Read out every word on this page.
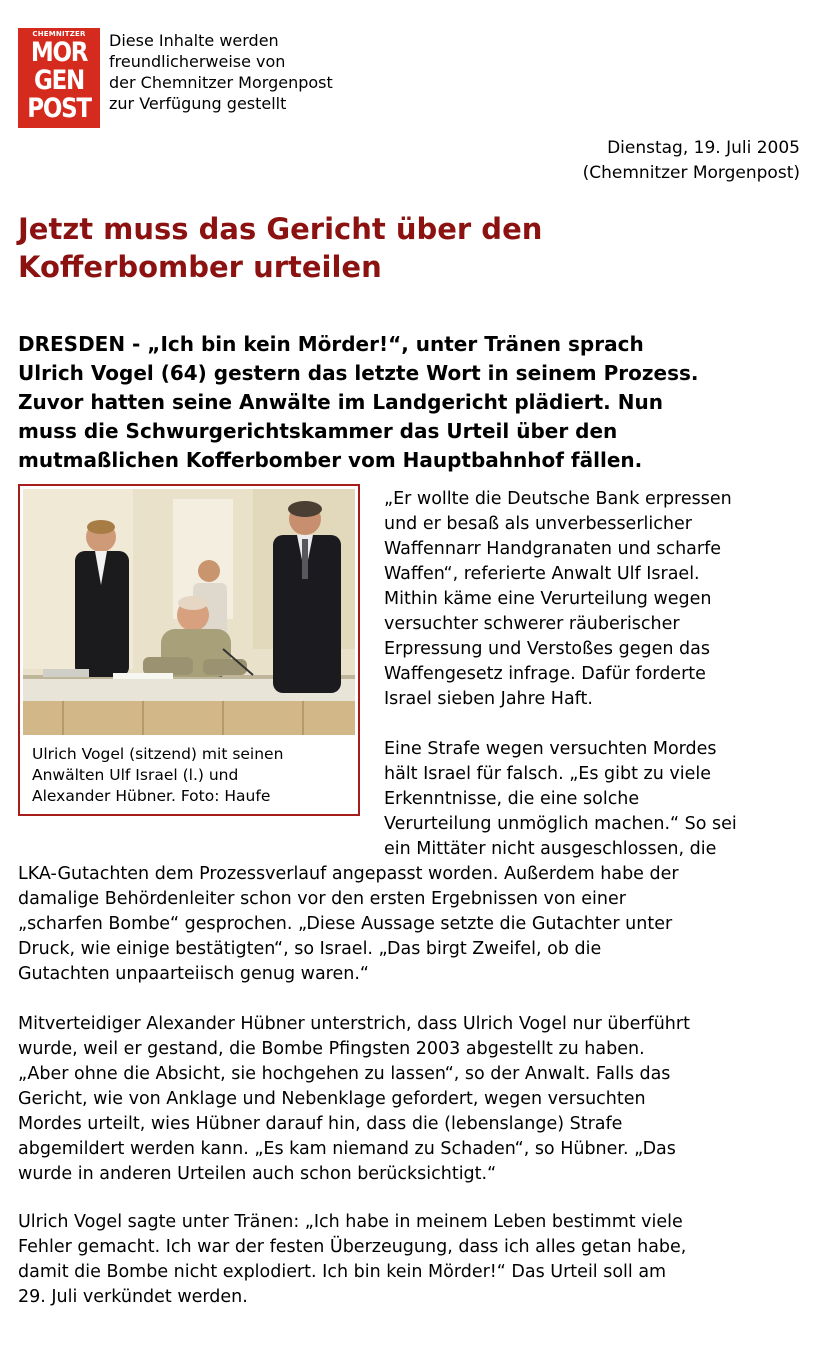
CHEMNITZER
MOR
GEN
POST
Diese Inhalte werden
freundlicherweise von
der Chemnitzer Morgenpost
zur Verfügung gestellt
Dienstag, 19. Juli 2005
(Chemnitzer Morgenpost)
Jetzt muss das Gericht über den
Kofferbomber urteilen
DRESDEN - „Ich bin kein Mörder!“, unter Tränen sprach
Ulrich Vogel (64) gestern das letzte Wort in seinem Prozess.
Zuvor hatten seine Anwälte im Landgericht plädiert. Nun
muss die Schwurgerichtskammer das Urteil über den
mutmaßlichen Kofferbomber vom Hauptbahnhof fällen.
Ulrich Vogel (sitzend) mit seinen
Anwälten Ulf Israel (l.) und
Alexander Hübner. Foto: Haufe
„Er wollte die Deutsche Bank erpressen
und er besaß als unverbesserlicher
Waffennarr Handgranaten und scharfe
Waffen“, referierte Anwalt Ulf Israel.
Mithin käme eine Verurteilung wegen
versuchter schwerer räuberischer
Erpressung und Verstoßes gegen das
Waffengesetz infrage. Dafür forderte
Israel sieben Jahre Haft.
Eine Strafe wegen versuchten Mordes
hält Israel für falsch. „Es gibt zu viele
Erkenntnisse, die eine solche
Verurteilung unmöglich machen.“ So sei
ein Mittäter nicht ausgeschlossen, die
LKA-Gutachten dem Prozessverlauf angepasst worden. Außerdem habe der
damalige Behördenleiter schon vor den ersten Ergebnissen von einer
„scharfen Bombe“ gesprochen. „Diese Aussage setzte die Gutachter unter
Druck, wie einige bestätigten“, so Israel. „Das birgt Zweifel, ob die
Gutachten unpaarteiisch genug waren.“
Mitverteidiger Alexander Hübner unterstrich, dass Ulrich Vogel nur überführt
wurde, weil er gestand, die Bombe Pfingsten 2003 abgestellt zu haben.
„Aber ohne die Absicht, sie hochgehen zu lassen“, so der Anwalt. Falls das
Gericht, wie von Anklage und Nebenklage gefordert, wegen versuchten
Mordes urteilt, wies Hübner darauf hin, dass die (lebenslange) Strafe
abgemildert werden kann. „Es kam niemand zu Schaden“, so Hübner. „Das
wurde in anderen Urteilen auch schon berücksichtigt.“
Ulrich Vogel sagte unter Tränen: „Ich habe in meinem Leben bestimmt viele
Fehler gemacht. Ich war der festen Überzeugung, dass ich alles getan habe,
damit die Bombe nicht explodiert. Ich bin kein Mörder!“ Das Urteil soll am
29. Juli verkündet werden.
